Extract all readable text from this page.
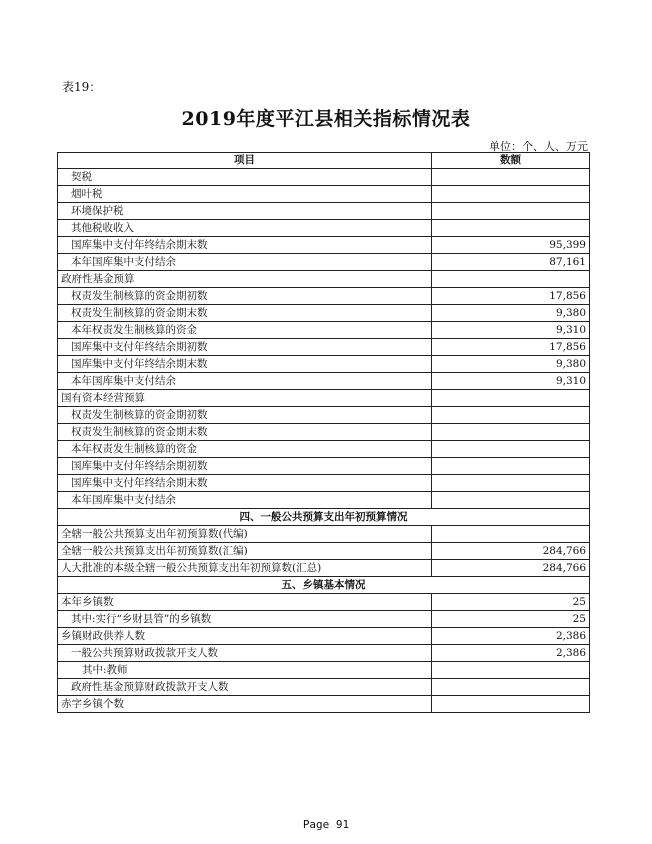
表19：
2019年度平江县相关指标情况表
单位：个、人、万元
项目	数额
契税	
烟叶税	
环境保护税	
其他税收收入	
国库集中支付年终结余期末数	95,399
本年国库集中支付结余	87,161
政府性基金预算	
权责发生制核算的资金期初数	17,856
权责发生制核算的资金期末数	9,380
本年权责发生制核算的资金	9,310
国库集中支付年终结余期初数	17,856
国库集中支付年终结余期末数	9,380
本年国库集中支付结余	9,310
国有资本经营预算	
权责发生制核算的资金期初数	
权责发生制核算的资金期末数	
本年权责发生制核算的资金	
国库集中支付年终结余期初数	
国库集中支付年终结余期末数	
本年国库集中支付结余	
四、一般公共预算支出年初预算情况	
全辖一般公共预算支出年初预算数(代编)	
全辖一般公共预算支出年初预算数(汇编)	284,766
人大批准的本级全辖一般公共预算支出年初预算数(汇总)	284,766
五、乡镇基本情况	
本年乡镇数	25
其中:实行“乡财县管”的乡镇数	25
乡镇财政供养人数	2,386
一般公共预算财政拨款开支人数	2,386
其中:教师	
政府性基金预算财政拨款开支人数	
赤字乡镇个数	
Page 91
